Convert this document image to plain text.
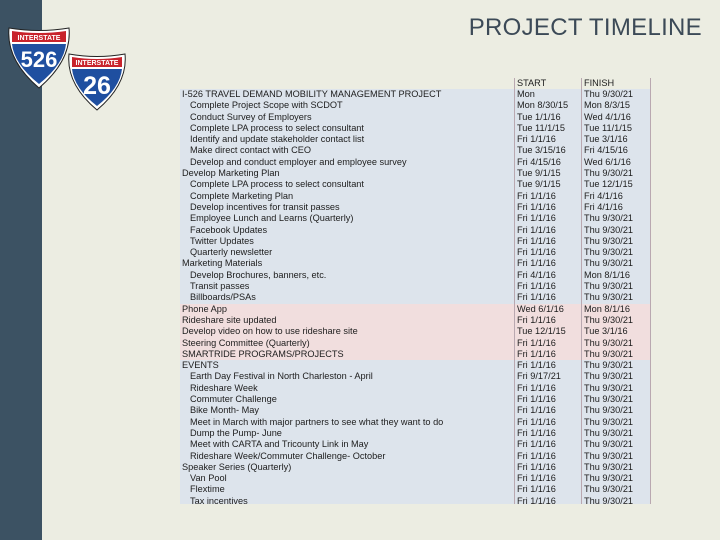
PROJECT TIMELINE
INTERSTATE
526	INTERSTATE
26	START	FINISH
I-526 TRAVEL DEMAND MOBILITY MANAGEMENT PROJECT	Mon	Thu 9/30/21
Complete Project Scope with SCDOT	Mon 8/30/15	Mon 8/3/15
Conduct Survey of Employers	Tue 1/1/16	Wed 4/1/16
Complete LPA process to select consultant	Tue 11/1/15	Tue 11/1/15
Identify and update stakeholder contact list	Fri 1/1/16	Tue 3/1/16
Make direct contact with CEO	Tue 3/15/16	Fri 4/15/16
Develop and conduct employer and employee survey	Fri 4/15/16	Wed 6/1/16
Develop Marketing Plan	Tue 9/1/15	Thu 9/30/21
Complete LPA process to select consultant	Tue 9/1/15	Tue 12/1/15
Complete Marketing Plan	Fri 1/1/16	Fri 4/1/16
Develop incentives for transit passes	Fri 1/1/16	Fri 4/1/16
Employee Lunch and Learns (Quarterly)	Fri 1/1/16	Thu 9/30/21
Facebook Updates	Fri 1/1/16	Thu 9/30/21
Twitter Updates	Fri 1/1/16	Thu 9/30/21
Quarterly newsletter	Fri 1/1/16	Thu 9/30/21
Marketing Materials	Fri 1/1/16	Thu 9/30/21
Develop Brochures, banners, etc.	Fri 4/1/16	Mon 8/1/16
Transit passes	Fri 1/1/16	Thu 9/30/21
Billboards/PSAs	Fri 1/1/16	Thu 9/30/21
Phone App	Wed 6/1/16	Mon 8/1/16
Rideshare site updated	Fri 1/1/16	Thu 9/30/21
Develop video on how to use rideshare site	Tue 12/1/15	Tue 3/1/16
Steering Committee (Quarterly)	Fri 1/1/16	Thu 9/30/21
SMARTRIDE PROGRAMS/PROJECTS	Fri 1/1/16	Thu 9/30/21
EVENTS	Fri 1/1/16	Thu 9/30/21
Earth Day Festival in North Charleston - April	Fri 9/17/21	Thu 9/30/21
Rideshare Week	Fri 1/1/16	Thu 9/30/21
Commuter Challenge	Fri 1/1/16	Thu 9/30/21
Bike Month- May	Fri 1/1/16	Thu 9/30/21
Meet in March with major partners to see what they want to do	Fri 1/1/16	Thu 9/30/21
Dump the Pump- June	Fri 1/1/16	Thu 9/30/21
Meet with CARTA and Tricounty Link in May	Fri 1/1/16	Thu 9/30/21
Rideshare Week/Commuter Challenge- October	Fri 1/1/16	Thu 9/30/21
Speaker Series (Quarterly)	Fri 1/1/16	Thu 9/30/21
Van Pool	Fri 1/1/16	Thu 9/30/21
Flextime	Fri 1/1/16	Thu 9/30/21
Tax incentives	Fri 1/1/16	Thu 9/30/21
